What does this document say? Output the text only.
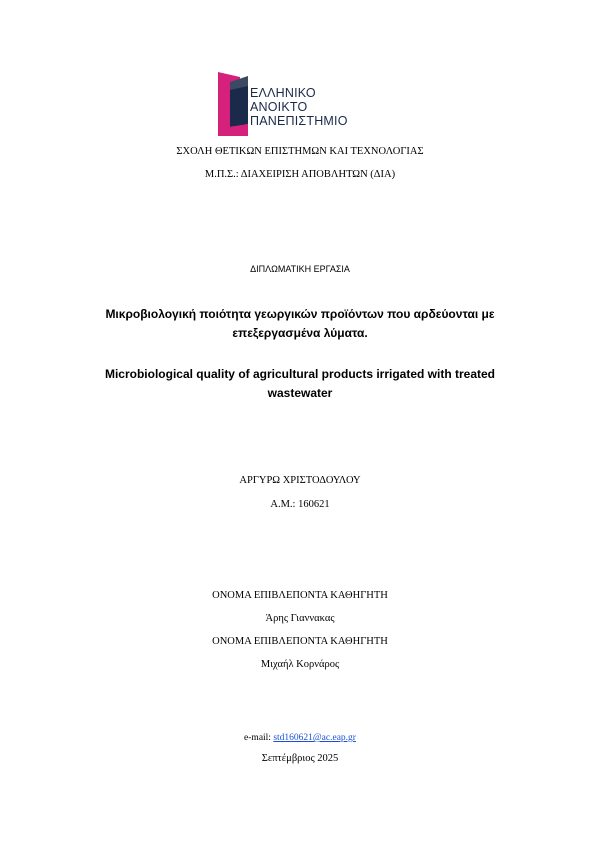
ΕΛΛΗΝΙΚΟ
ΑΝΟΙΚΤΟ
ΠΑΝΕΠΙΣΤΗΜΙΟ
ΣΧΟΛΗ ΘΕΤΙΚΩΝ ΕΠΙΣΤΗΜΩΝ ΚΑΙ ΤΕΧΝΟΛΟΓΙΑΣ
Μ.Π.Σ.: ΔΙΑΧΕΙΡΙΣΗ ΑΠΟΒΛΗΤΩΝ (ΔΙΑ)
ΔΙΠΛΩΜΑΤΙΚΗ ΕΡΓΑΣΙΑ
Μικροβιολογική ποιότητα γεωργικών προϊόντων που αρδεύονται με
επεξεργασμένα λύματα.
Microbiological quality of agricultural products irrigated with treated
wastewater
ΑΡΓΥΡΩ ΧΡΙΣΤΟΔΟΥΛΟΥ
Α.Μ.: 160621
ΟΝΟΜΑ ΕΠΙΒΛΕΠΟΝΤΑ ΚΑΘΗΓΗΤΗ
Άρης Γιαννακας
ΟΝΟΜΑ ΕΠΙΒΛΕΠΟΝΤΑ ΚΑΘΗΓΗΤΗ
Μιχαήλ Κορνάρος
e-mail: std160621@ac.eap.gr
Σεπτέμβριος 2025
